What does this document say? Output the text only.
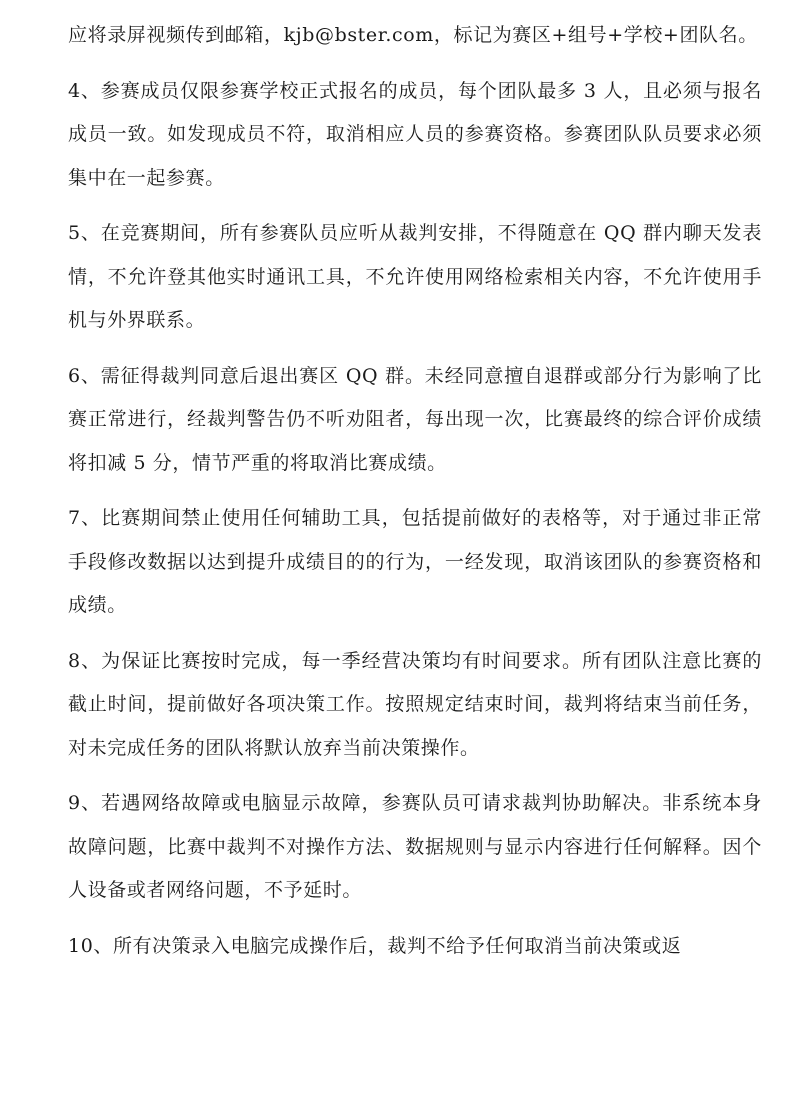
应将录屏视频传到邮箱，kjb@bster.com，标记为赛区+组号+学校+团队名。

4、参赛成员仅限参赛学校正式报名的成员，每个团队最多 3 人，且必须与报名成员一致。如发现成员不符，取消相应人员的参赛资格。参赛团队队员要求必须集中在一起参赛。

5、在竞赛期间，所有参赛队员应听从裁判安排，不得随意在 QQ 群内聊天发表情，不允许登其他实时通讯工具，不允许使用网络检索相关内容，不允许使用手机与外界联系。

6、需征得裁判同意后退出赛区 QQ 群。未经同意擅自退群或部分行为影响了比赛正常进行，经裁判警告仍不听劝阻者，每出现一次，比赛最终的综合评价成绩将扣减 5 分，情节严重的将取消比赛成绩。

7、比赛期间禁止使用任何辅助工具，包括提前做好的表格等，对于通过非正常手段修改数据以达到提升成绩目的的行为，一经发现，取消该团队的参赛资格和成绩。

8、为保证比赛按时完成，每一季经营决策均有时间要求。所有团队注意比赛的截止时间，提前做好各项决策工作。按照规定结束时间，裁判将结束当前任务，对未完成任务的团队将默认放弃当前决策操作。

9、若遇网络故障或电脑显示故障，参赛队员可请求裁判协助解决。非系统本身故障问题，比赛中裁判不对操作方法、数据规则与显示内容进行任何解释。因个人设备或者网络问题，不予延时。

10、所有决策录入电脑完成操作后，裁判不给予任何取消当前决策或返
